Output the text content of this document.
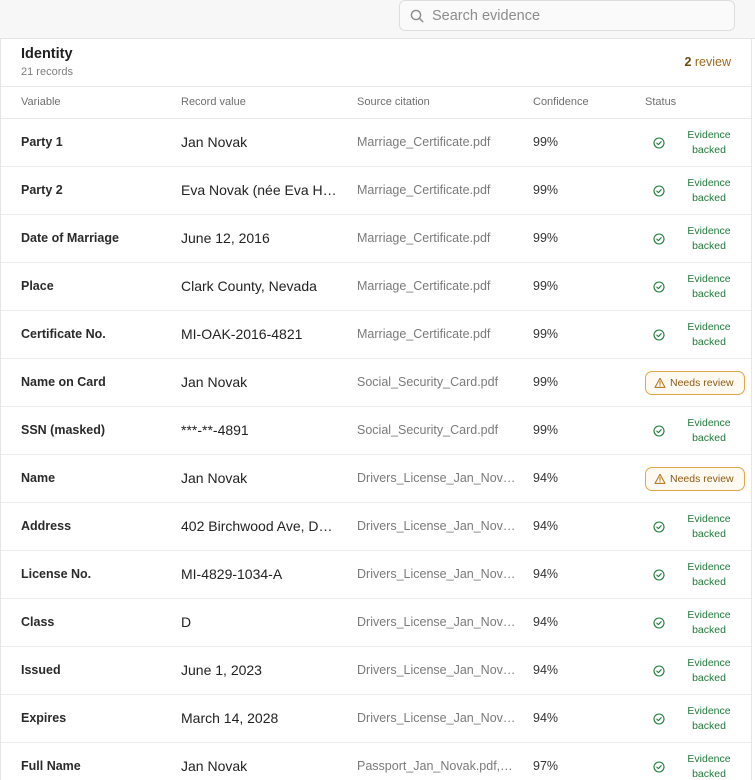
Search evidence
Identity
21 records
2 review
Variable	Record value	Source citation	Confidence	Status
Party 1	Jan Novak	Marriage_Certificate.pdf	99%	Evidence backed
Party 2	Eva Novak (née Eva H…	Marriage_Certificate.pdf	99%	Evidence backed
Date of Marriage	June 12, 2016	Marriage_Certificate.pdf	99%	Evidence backed
Place	Clark County, Nevada	Marriage_Certificate.pdf	99%	Evidence backed
Certificate No.	MI-OAK-2016-4821	Marriage_Certificate.pdf	99%	Evidence backed
Name on Card	Jan Novak	Social_Security_Card.pdf	99%	Needs review
SSN (masked)	***-**-4891	Social_Security_Card.pdf	99%	Evidence backed
Name	Jan Novak	Drivers_License_Jan_Nov… 94%	Needs review
Address	402 Birchwood Ave, D…	Drivers_License_Jan_Nov… 94%	Evidence backed
License No.	MI-4829-1034-A	Drivers_License_Jan_Nov… 94%	Evidence backed
Class	D	Drivers_License_Jan_Nov… 94%	Evidence backed
Issued	June 1, 2023	Drivers_License_Jan_Nov… 94%	Evidence backed
Expires	March 14, 2028	Drivers_License_Jan_Nov… 94%	Evidence backed
Full Name	Jan Novak	Passport_Jan_Novak.pdf,…	97%	Evidence backed
